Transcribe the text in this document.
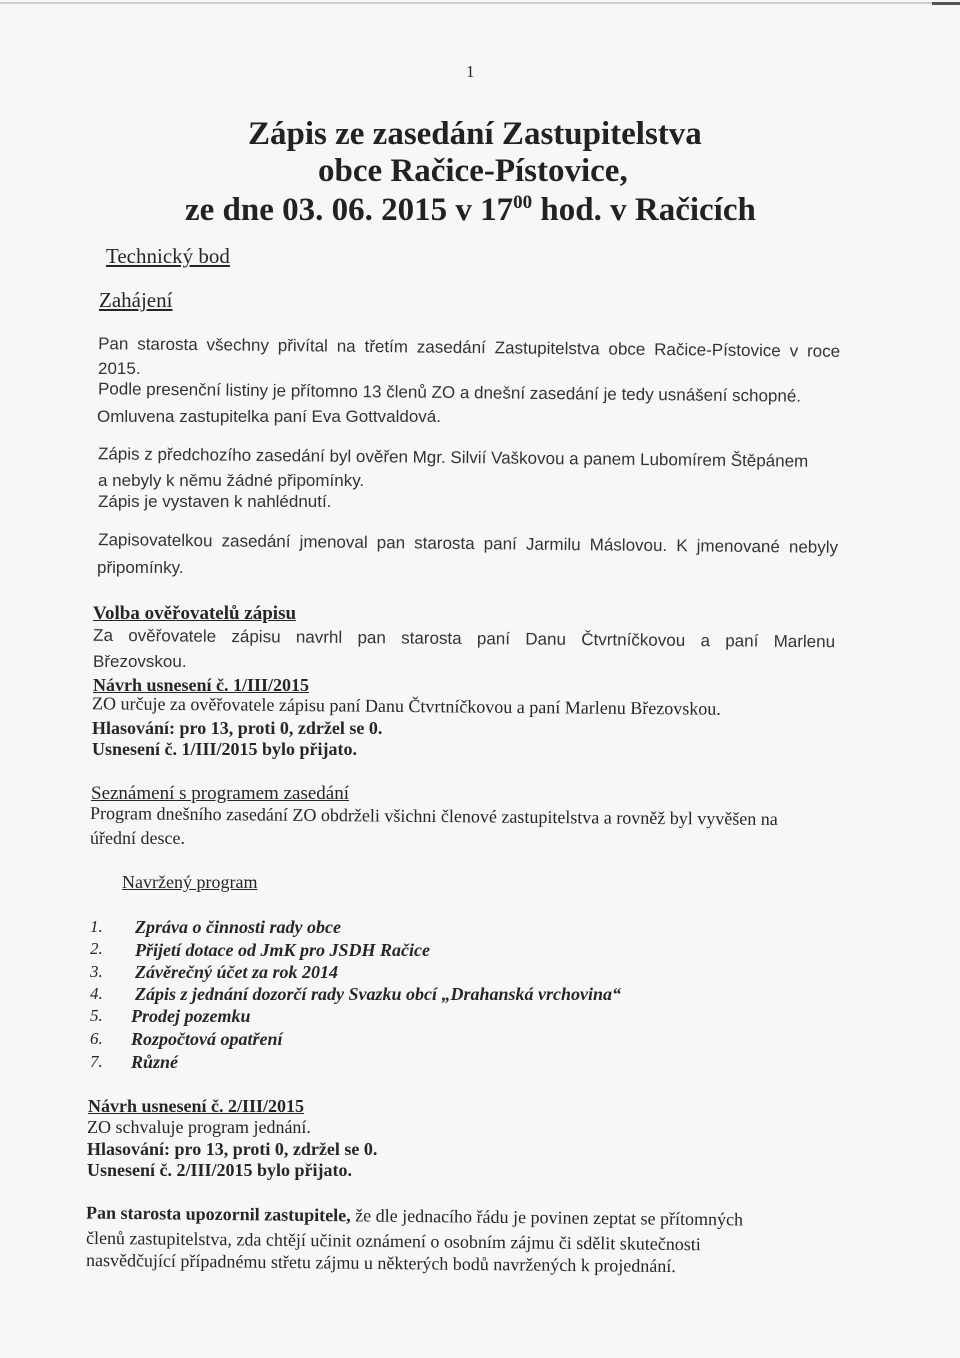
1
Zápis ze zasedání Zastupitelstva
obce Račice-Pístovice,
ze dne 03. 06. 2015 v $17^{00}$ hod. v Račicích
Technický bod
Zahájení
Pan starosta všechny přivítal na třetím zasedání Zastupitelstva obce Račice-Pístovice v roce
2015.
Podle presenční listiny je přítomno 13 členů ZO a dnešní zasedání je tedy usnášení schopné.
Omluvena zastupitelka paní Eva Gottvaldová.
Zápis z předchozího zasedání byl ověřen Mgr. Silvií Vaškovou a panem Lubomírem Štěpánem
a nebyly k němu žádné připomínky.
Zápis je vystaven k nahlédnutí.
Zapisovatelkou zasedání jmenoval pan starosta paní Jarmilu Máslovou. K jmenované nebyly
připomínky.
Volba ověřovatelů zápisu
Za ověřovatele zápisu navrhl pan starosta paní Danu Čtvrtníčkovou a paní Marlenu
Březovskou.
Návrh usnesení č. 1/III/2015
ZO určuje za ověřovatele zápisu paní Danu Čtvrtníčkovou a paní Marlenu Březovskou.
Hlasování: pro 13, proti 0, zdržel se 0.
Usnesení č. 1/III/2015 bylo přijato.
Seznámení s programem zasedání
Program dnešního zasedání ZO obdrželi všichni členové zastupitelstva a rovněž byl vyvěšen na
úřední desce.
Navržený program
1. Zpráva o činnosti rady obce
2. Přijetí dotace od JmK pro JSDH Račice
3. Závěrečný účet za rok 2014
4. Zápis z jednání dozorčí rady Svazku obcí „Drahanská vrchovina“
5. Prodej pozemku
6. Rozpočtová opatření
7. Různé
Návrh usnesení č. 2/III/2015
ZO schvaluje program jednání.
Hlasování: pro 13, proti 0, zdržel se 0.
Usnesení č. 2/III/2015 bylo přijato.
Pan starosta upozornil zastupitele, že dle jednacího řádu je povinen zeptat se přítomných
členů zastupitelstva, zda chtějí učinit oznámení o osobním zájmu či sdělit skutečnosti
nasvědčující případnému střetu zájmu u některých bodů navržených k projednání.
